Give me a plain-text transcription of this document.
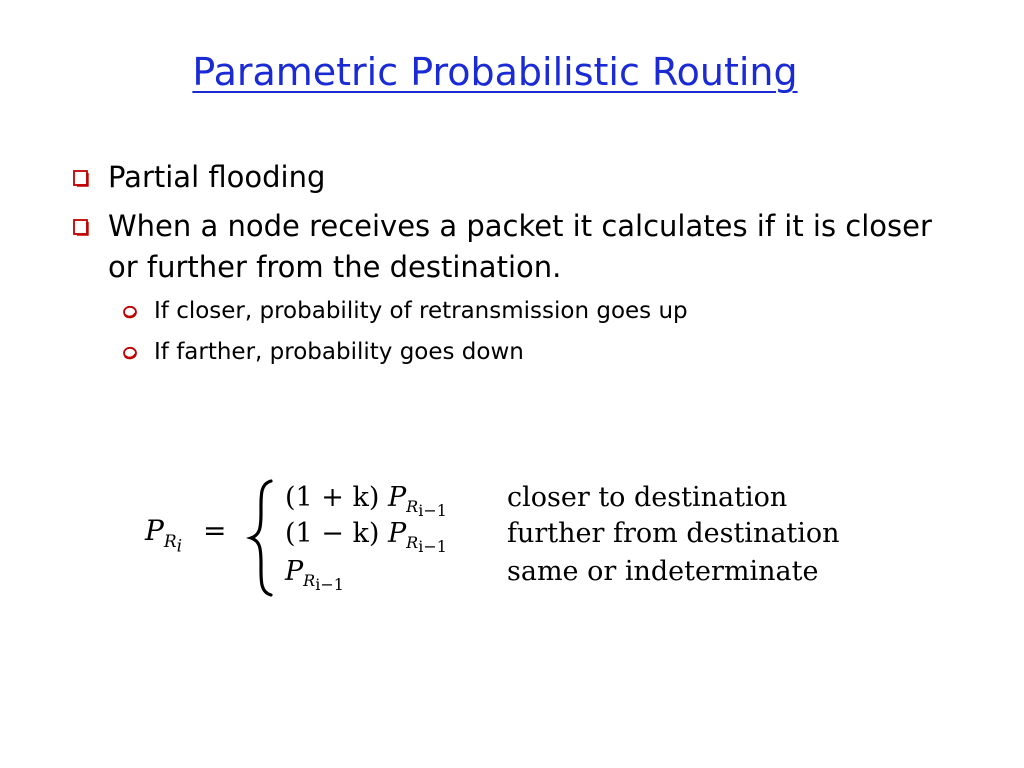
Parametric Probabilistic Routing
Partial flooding
When a node receives a packet it calculates if it is closer or further from the destination.
If closer, probability of retransmission goes up
If farther, probability goes down
$P_{R_i}$ =
(1 + k) $P_{R_{i-1}}$ closer to destination
(1 − k) $P_{R_{i-1}}$ further from destination
$P_{R_{i-1}}$	same or indeterminate
